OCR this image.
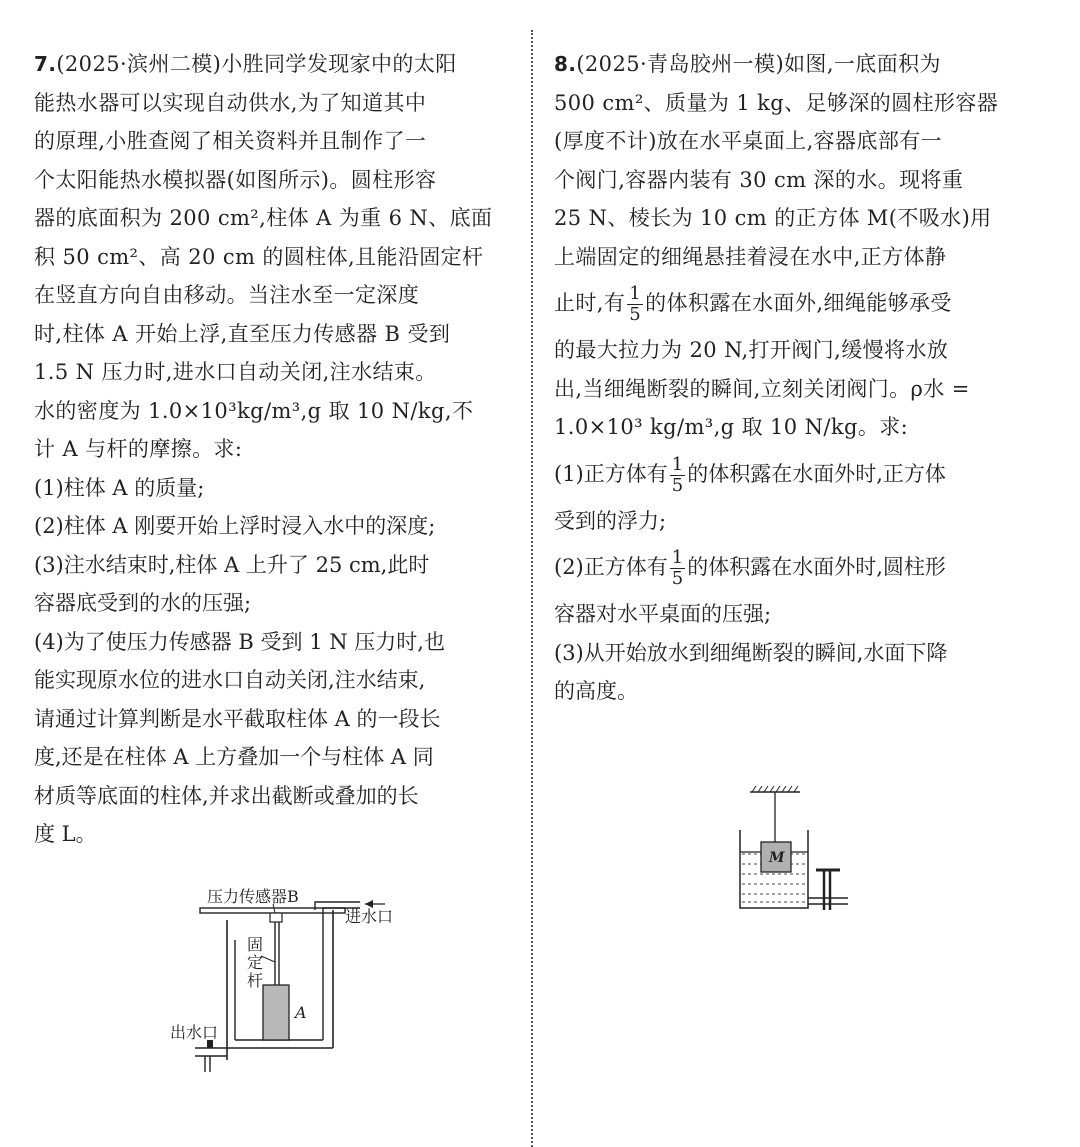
7.(2025·滨州二模)小胜同学发现家中的太阳

能热水器可以实现自动供水,为了知道其中

的原理,小胜查阅了相关资料并且制作了一

个太阳能热水模拟器(如图所示)。圆柱形容

器的底面积为 200 cm²,柱体 A 为重 6 N、底面

积 50 cm²、高 20 cm 的圆柱体,且能沿固定杆

在竖直方向自由移动。当注水至一定深度

时,柱体 A 开始上浮,直至压力传感器 B 受到

1.5 N 压力时,进水口自动关闭,注水结束。

水的密度为 1.0×10³kg/m³,g 取 10 N/kg,不

计 A 与杆的摩擦。求:

(1)柱体 A 的质量;

(2)柱体 A 刚要开始上浮时浸入水中的深度;

(3)注水结束时,柱体 A 上升了 25 cm,此时

容器底受到的水的压强;

(4)为了使压力传感器 B 受到 1 N 压力时,也

能实现原水位的进水口自动关闭,注水结束,

请通过计算判断是水平截取柱体 A 的一段长

度,还是在柱体 A 上方叠加一个与柱体 A 同

材质等底面的柱体,并求出截断或叠加的长

度 L。

压力传感器B
进水口
出水口
固
定
杆
A

8.(2025·青岛胶州一模)如图,一底面积为

500 cm²、质量为 1 kg、足够深的圆柱形容器

(厚度不计)放在水平桌面上,容器底部有一

个阀门,容器内装有 30 cm 深的水。现将重

25 N、棱长为 10 cm 的正方体 M(不吸水)用

上端固定的细绳悬挂着浸在水中,正方体静

止时,有 $\frac{1}{5}$ 的体积露在水面外,细绳能够承受

的最大拉力为 20 N,打开阀门,缓慢将水放

出,当细绳断裂的瞬间,立刻关闭阀门。ρ水 =

1.0×10³ kg/m³,g 取 10 N/kg。求:

(1)正方体有 $\frac{1}{5}$ 的体积露在水面外时,正方体

受到的浮力;

(2)正方体有 $\frac{1}{5}$ 的体积露在水面外时,圆柱形

容器对水平桌面的压强;

(3)从开始放水到细绳断裂的瞬间,水面下降

的高度。

M
